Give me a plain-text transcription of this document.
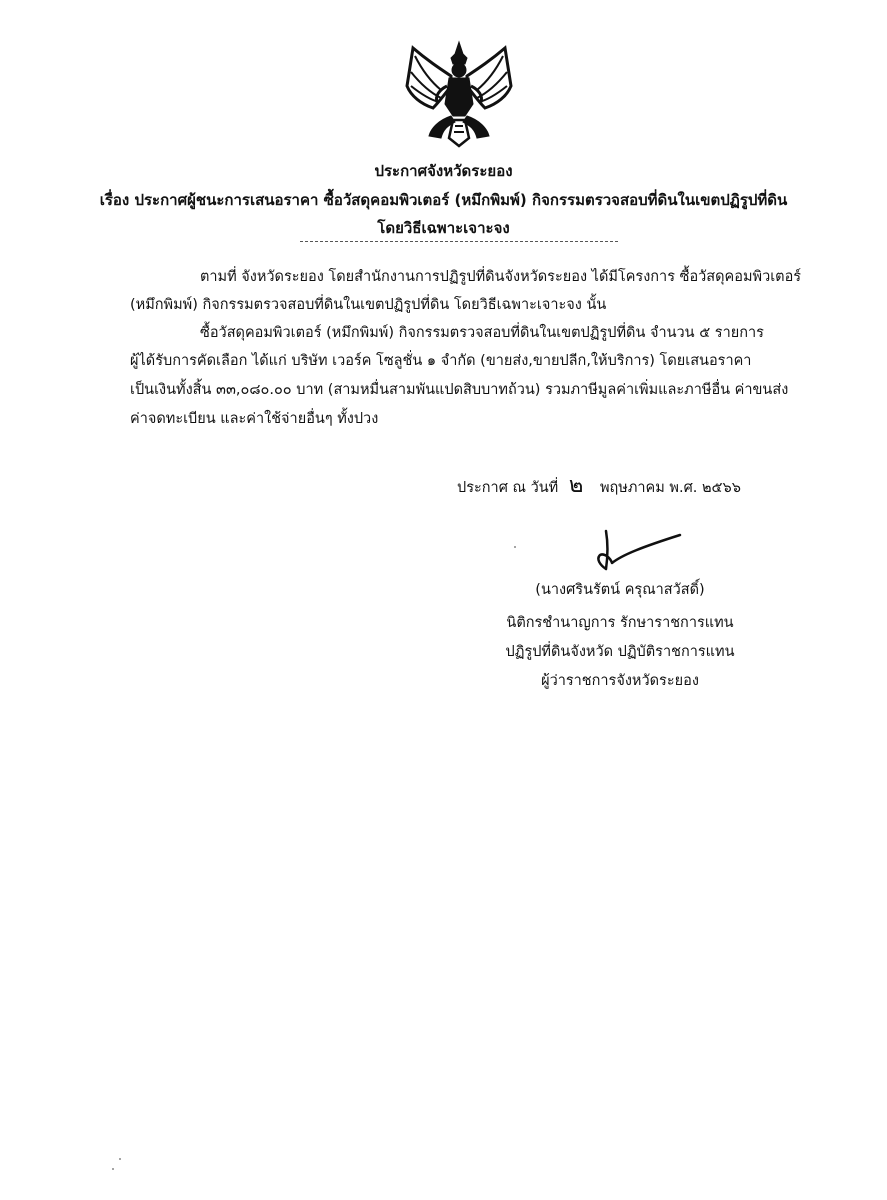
ประกาศจังหวัดระยอง
เรื่อง ประกาศผู้ชนะการเสนอราคา ซื้อวัสดุคอมพิวเตอร์ (หมึกพิมพ์) กิจกรรมตรวจสอบที่ดินในเขตปฏิรูปที่ดิน
โดยวิธีเฉพาะเจาะจง
ตามที่ จังหวัดระยอง โดยสำนักงานการปฏิรูปที่ดินจังหวัดระยอง ได้มีโครงการ ซื้อวัสดุคอมพิวเตอร์
(หมึกพิมพ์) กิจกรรมตรวจสอบที่ดินในเขตปฏิรูปที่ดิน โดยวิธีเฉพาะเจาะจง นั้น
ซื้อวัสดุคอมพิวเตอร์ (หมึกพิมพ์) กิจกรรมตรวจสอบที่ดินในเขตปฏิรูปที่ดิน จำนวน ๕ รายการ
ผู้ได้รับการคัดเลือก ได้แก่ บริษัท เวอร์ค โซลูชั่น ๑ จำกัด (ขายส่ง,ขายปลีก,ให้บริการ) โดยเสนอราคา
เป็นเงินทั้งสิ้น ๓๓,๐๘๐.๐๐ บาท (สามหมื่นสามพันแปดสิบบาทถ้วน) รวมภาษีมูลค่าเพิ่มและภาษีอื่น ค่าขนส่ง
ค่าจดทะเบียน และค่าใช้จ่ายอื่นๆ ทั้งปวง
ประกาศ ณ วันที่ ๒ พฤษภาคม พ.ศ. ๒๕๖๖
(นางศรินรัตน์ ครุณาสวัสดิ์)
นิติกรชำนาญการ รักษาราชการแทน
ปฏิรูปที่ดินจังหวัด ปฏิบัติราชการแทน
ผู้ว่าราชการจังหวัดระยอง
